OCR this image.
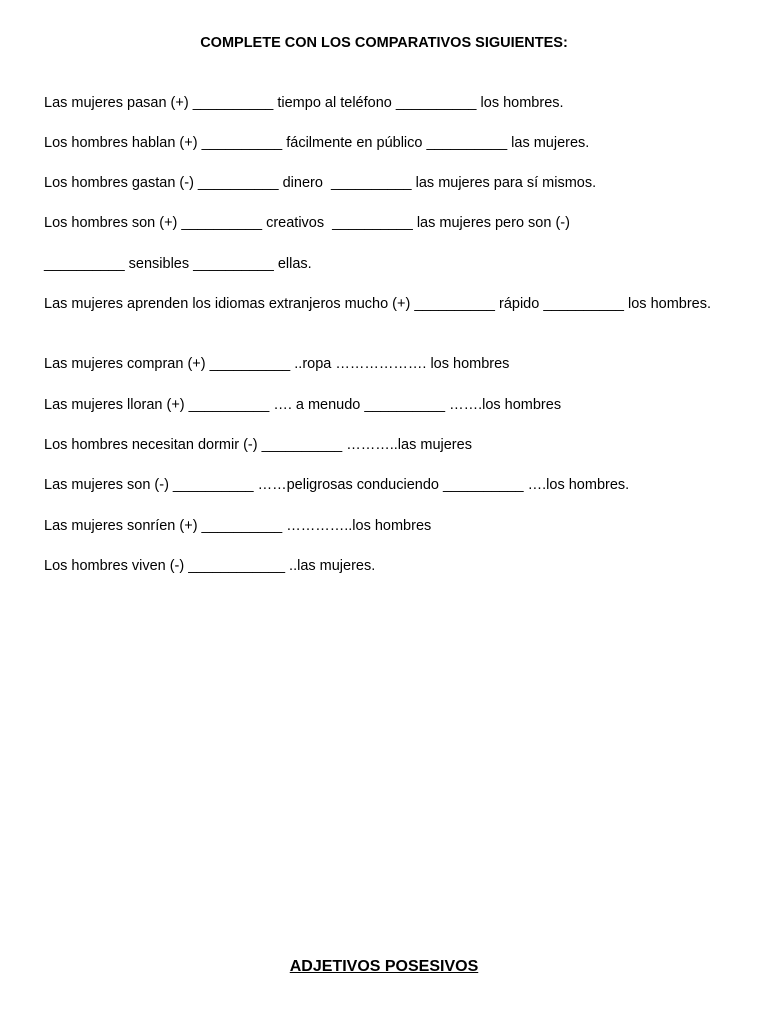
COMPLETE CON LOS COMPARATIVOS SIGUIENTES:
Las mujeres pasan (+) __________ tiempo al teléfono __________ los hombres.
Los hombres hablan (+) __________ fácilmente en público __________ las mujeres.
Los hombres gastan (-) __________ dinero  __________ las mujeres para sí mismos.
Los hombres son (+) __________ creativos  __________ las mujeres pero son (-)
__________ sensibles __________ ellas.
Las mujeres aprenden los idiomas extranjeros mucho (+) __________ rápido __________ los hombres.
Las mujeres compran (+) __________ ..ropa ………………. los hombres
Las mujeres lloran (+) __________ …. a menudo __________ …….los hombres
Los hombres necesitan dormir (-) __________ ………..las mujeres
Las mujeres son (-) __________ ……peligrosas conduciendo __________ ….los hombres.
Las mujeres sonríen (+) __________ …………..los hombres
Los hombres viven (-) ____________ ..las mujeres.
ADJETIVOS POSESIVOS
